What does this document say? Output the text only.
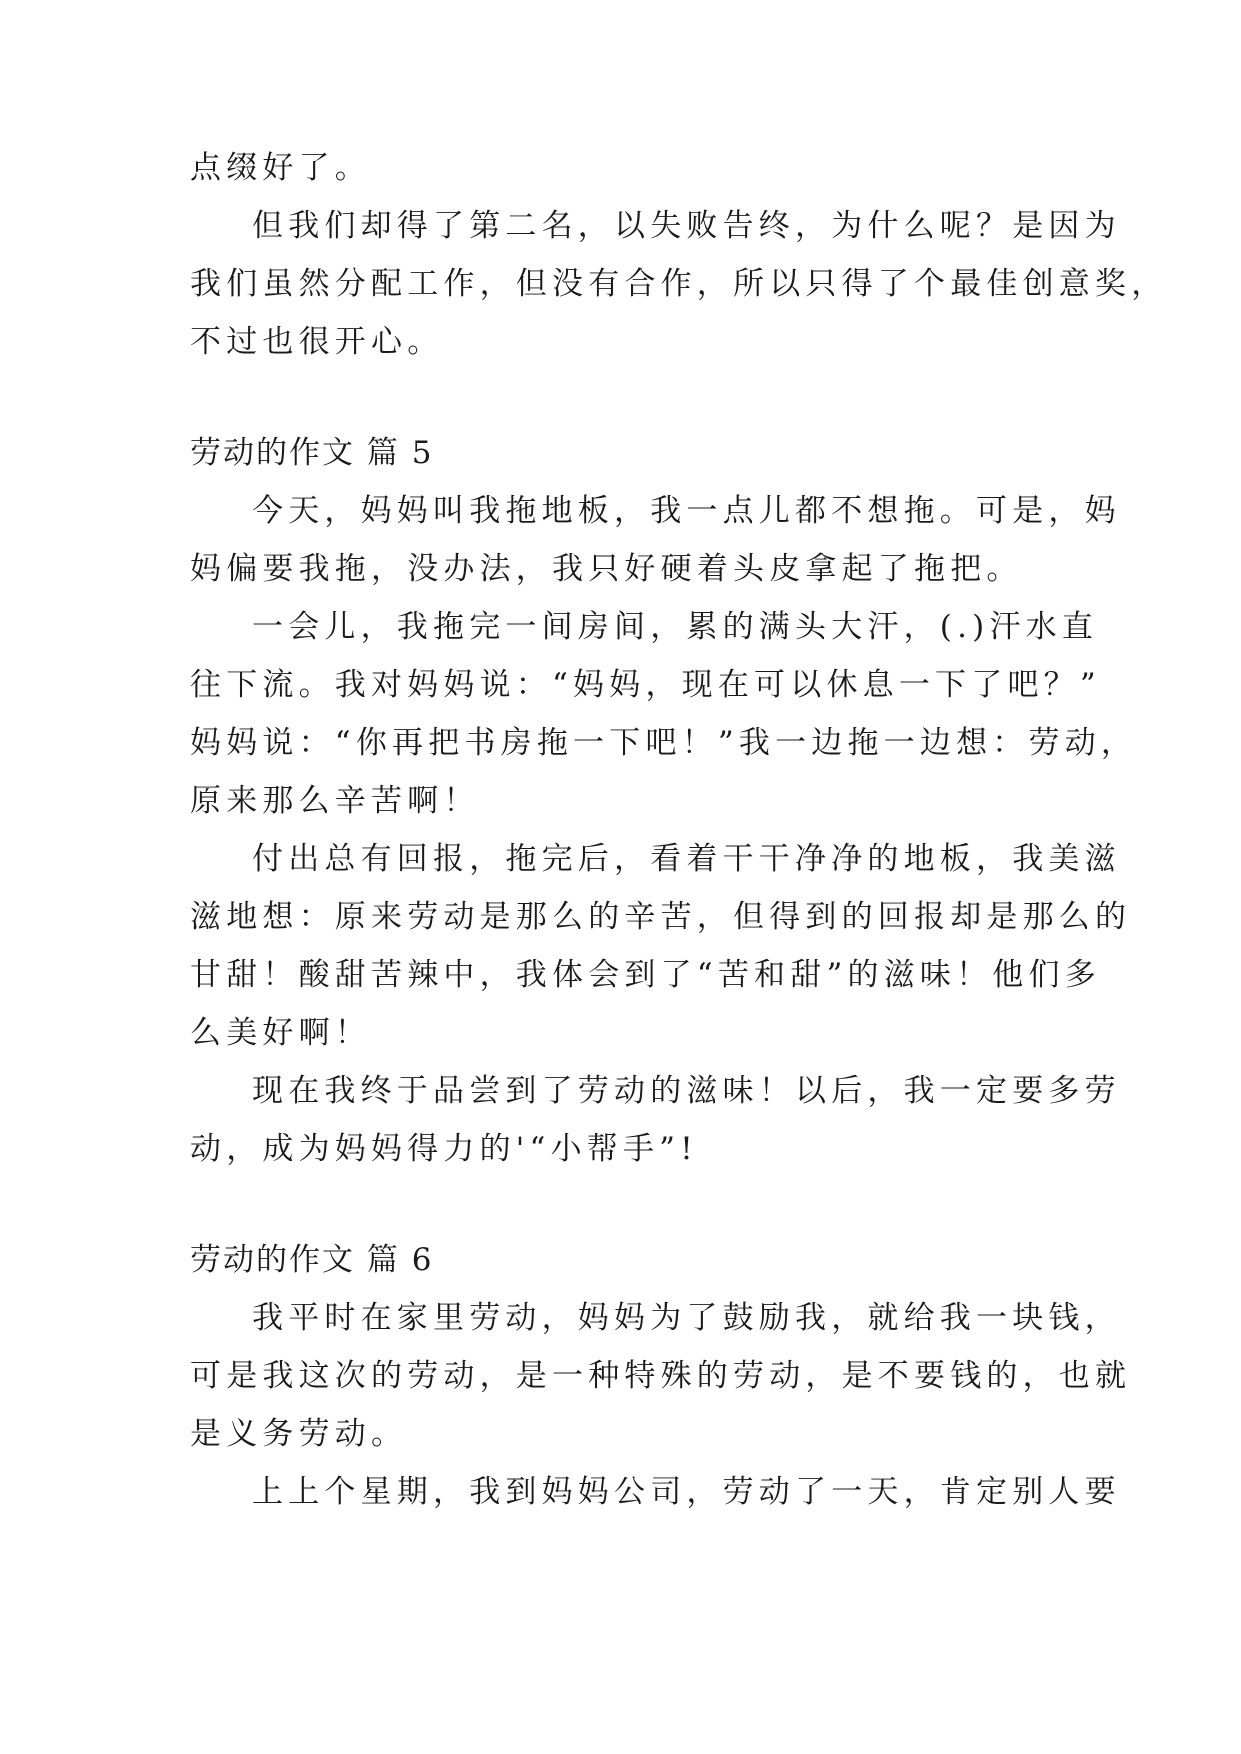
点缀好了。
但我们却得了第二名，以失败告终，为什么呢？是因为
我们虽然分配工作，但没有合作，所以只得了个最佳创意奖，
不过也很开心。
劳动的作文 篇 5
今天，妈妈叫我拖地板，我一点儿都不想拖。可是，妈
妈偏要我拖，没办法，我只好硬着头皮拿起了拖把。
一会儿，我拖完一间房间，累的满头大汗，(.)汗水直
往下流。我对妈妈说：“妈妈，现在可以休息一下了吧？”
妈妈说：“你再把书房拖一下吧！”我一边拖一边想：劳动，
原来那么辛苦啊！
付出总有回报，拖完后，看着干干净净的地板，我美滋
滋地想：原来劳动是那么的辛苦，但得到的回报却是那么的
甘甜！酸甜苦辣中，我体会到了“苦和甜”的滋味！他们多
么美好啊！
现在我终于品尝到了劳动的滋味！以后，我一定要多劳
动，成为妈妈得力的'“小帮手”!
劳动的作文 篇 6
我平时在家里劳动，妈妈为了鼓励我，就给我一块钱，
可是我这次的劳动，是一种特殊的劳动，是不要钱的，也就
是义务劳动。
上上个星期，我到妈妈公司，劳动了一天，肯定别人要
